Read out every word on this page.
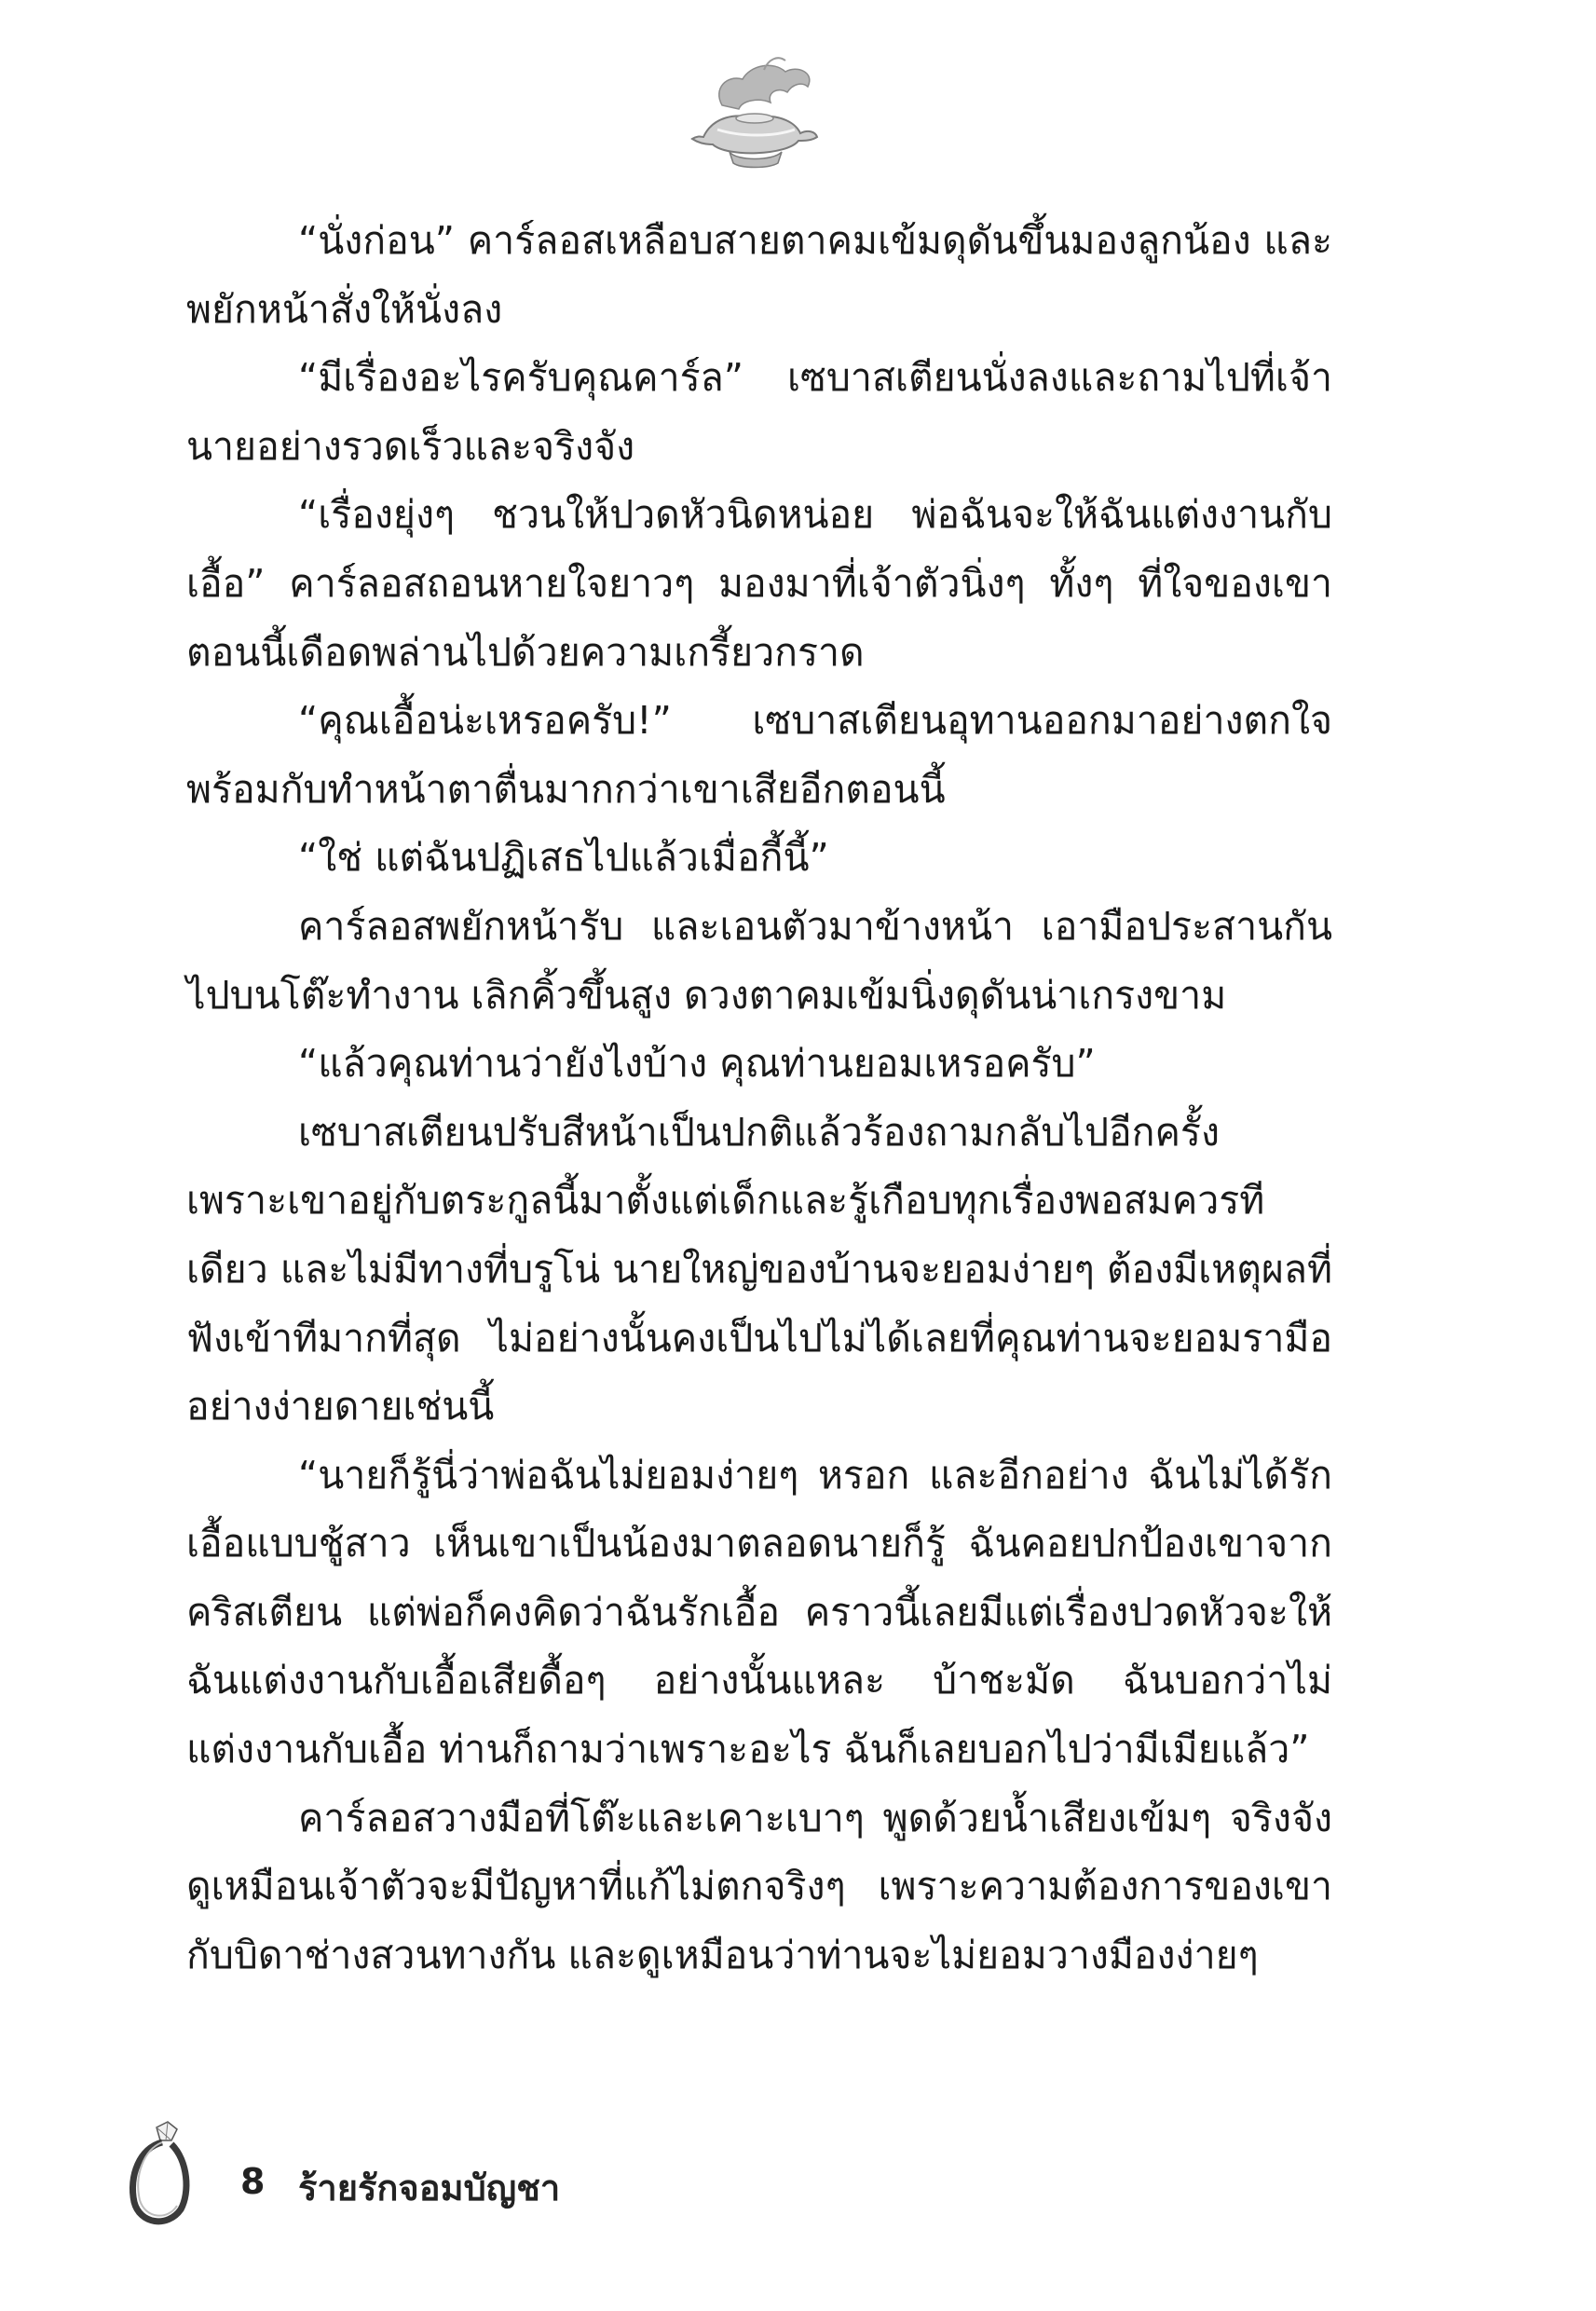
“นั่งก่อน” คาร์ลอสเหลือบสายตาคมเข้มดุดันขึ้นมองลูกน้อง และพยักหน้าสั่งให้นั่งลง

“มีเรื่องอะไรครับคุณคาร์ล” เซบาสเตียนนั่งลงและถามไปที่เจ้านายอย่างรวดเร็วและจริงจัง

“เรื่องยุ่งๆ ชวนให้ปวดหัวนิดหน่อย พ่อฉันจะให้ฉันแต่งงานกับเอื้อ” คาร์ลอสถอนหายใจยาวๆ มองมาที่เจ้าตัวนิ่งๆ ทั้งๆ ที่ใจของเขาตอนนี้เดือดพล่านไปด้วยความเกรี้ยวกราด

“คุณเอื้อน่ะเหรอครับ!” เซบาสเตียนอุทานออกมาอย่างตกใจพร้อมกับทำหน้าตาตื่นมากกว่าเขาเสียอีกตอนนี้

“ใช่ แต่ฉันปฏิเสธไปแล้วเมื่อกี้นี้”

คาร์ลอสพยักหน้ารับ และเอนตัวมาข้างหน้า เอามือประสานกันไปบนโต๊ะทำงาน เลิกคิ้วขึ้นสูง ดวงตาคมเข้มนิ่งดุดันน่าเกรงขาม

“แล้วคุณท่านว่ายังไงบ้าง คุณท่านยอมเหรอครับ”

เซบาสเตียนปรับสีหน้าเป็นปกติแล้วร้องถามกลับไปอีกครั้ง เพราะเขาอยู่กับตระกูลนี้มาตั้งแต่เด็กและรู้เกือบทุกเรื่องพอสมควรทีเดียว และไม่มีทางที่บรูโน่ นายใหญ่ของบ้านจะยอมง่ายๆ ต้องมีเหตุผลที่ฟังเข้าทีมากที่สุด ไม่อย่างนั้นคงเป็นไปไม่ได้เลยที่คุณท่านจะยอมรามืออย่างง่ายดายเช่นนี้

“นายก็รู้นี่ว่าพ่อฉันไม่ยอมง่ายๆ หรอก และอีกอย่าง ฉันไม่ได้รักเอื้อแบบชู้สาว เห็นเขาเป็นน้องมาตลอดนายก็รู้ ฉันคอยปกป้องเขาจากคริสเตียน แต่พ่อก็คงคิดว่าฉันรักเอื้อ คราวนี้เลยมีแต่เรื่องปวดหัวจะให้ฉันแต่งงานกับเอื้อเสียดื้อๆ อย่างนั้นแหละ บ้าชะมัด ฉันบอกว่าไม่แต่งงานกับเอื้อ ท่านก็ถามว่าเพราะอะไร ฉันก็เลยบอกไปว่ามีเมียแล้ว”

คาร์ลอสวางมือที่โต๊ะและเคาะเบาๆ พูดด้วยน้ำเสียงเข้มๆ จริงจังดูเหมือนเจ้าตัวจะมีปัญหาที่แก้ไม่ตกจริงๆ เพราะความต้องการของเขากับบิดาช่างสวนทางกัน และดูเหมือนว่าท่านจะไม่ยอมวางมืองง่ายๆ

8 ร้ายรักจอมบัญชา
